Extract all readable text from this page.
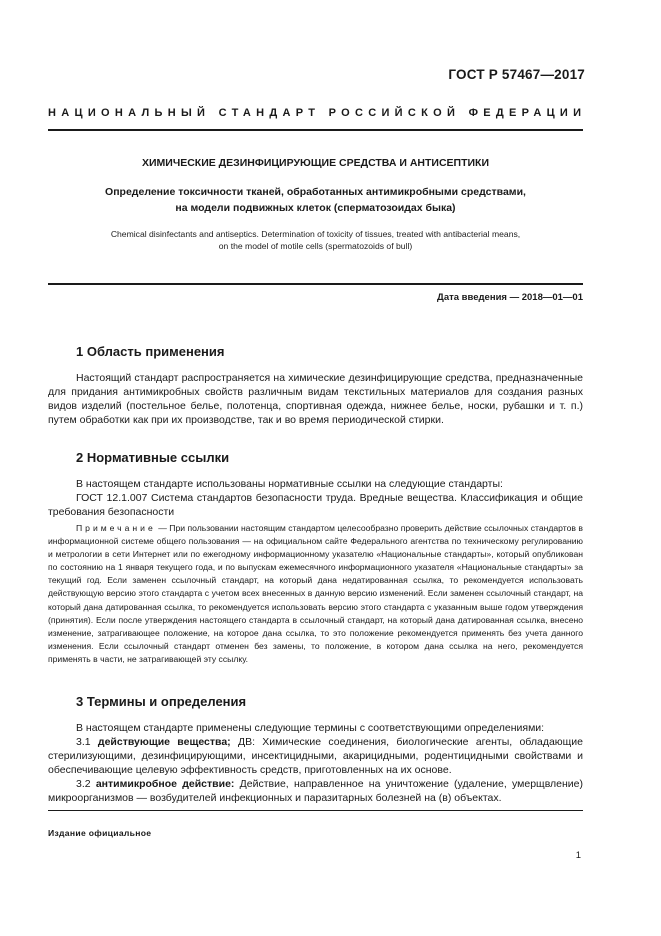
ГОСТ Р 57467—2017
НАЦИОНАЛЬНЫЙ СТАНДАРТ РОССИЙСКОЙ ФЕДЕРАЦИИ
ХИМИЧЕСКИЕ ДЕЗИНФИЦИРУЮЩИЕ СРЕДСТВА И АНТИСЕПТИКИ
Определение токсичности тканей, обработанных антимикробными средствами,
на модели подвижных клеток (сперматозоидах быка)
Chemical disinfectants and antiseptics. Determination of toxicity of tissues, treated with antibacterial means,
on the model of motile cells (spermatozoids of bull)
Дата введения — 2018—01—01
1 Область применения

Настоящий стандарт распространяется на химические дезинфицирующие средства, предназначенные для придания антимикробных свойств различным видам текстильных материалов для создания разных видов изделий (постельное белье, полотенца, спортивная одежда, нижнее белье, носки, рубашки и т. п.) путем обработки как при их производстве, так и во время периодической стирки.

2 Нормативные ссылки

В настоящем стандарте использованы нормативные ссылки на следующие стандарты:

ГОСТ 12.1.007 Система стандартов безопасности труда. Вредные вещества. Классификация и общие требования безопасности

Примечание — При пользовании настоящим стандартом целесообразно проверить действие ссылочных стандартов в информационной системе общего пользования — на официальном сайте Федерального агентства по техническому регулированию и метрологии в сети Интернет или по ежегодному информационному указателю «Национальные стандарты», который опубликован по состоянию на 1 января текущего года, и по выпускам ежемесячного информационного указателя «Национальные стандарты» за текущий год. Если заменен ссылочный стандарт, на который дана недатированная ссылка, то рекомендуется использовать действующую версию этого стандарта с учетом всех внесенных в данную версию изменений. Если заменен ссылочный стандарт, на который дана датированная ссылка, то рекомендуется использовать версию этого стандарта с указанным выше годом утверждения (принятия). Если после утверждения настоящего стандарта в ссылочный стандарт, на который дана датированная ссылка, внесено изменение, затрагивающее положение, на которое дана ссылка, то это положение рекомендуется применять без учета данного изменения. Если ссылочный стандарт отменен без замены, то положение, в котором дана ссылка на него, рекомендуется применять в части, не затрагивающей эту ссылку.

3 Термины и определения

В настоящем стандарте применены следующие термины с соответствующими определениями:

3.1 действующие вещества; ДВ: Химические соединения, биологические агенты, обладающие стерилизующими, дезинфицирующими, инсектицидными, акарицидными, родентицидными свойствами и обеспечивающие целевую эффективность средств, приготовленных на их основе.

3.2 антимикробное действие: Действие, направленное на уничтожение (удаление, умерщвление) микроорганизмов — возбудителей инфекционных и паразитарных болезней на (в) объектах.

Издание официальное
1
